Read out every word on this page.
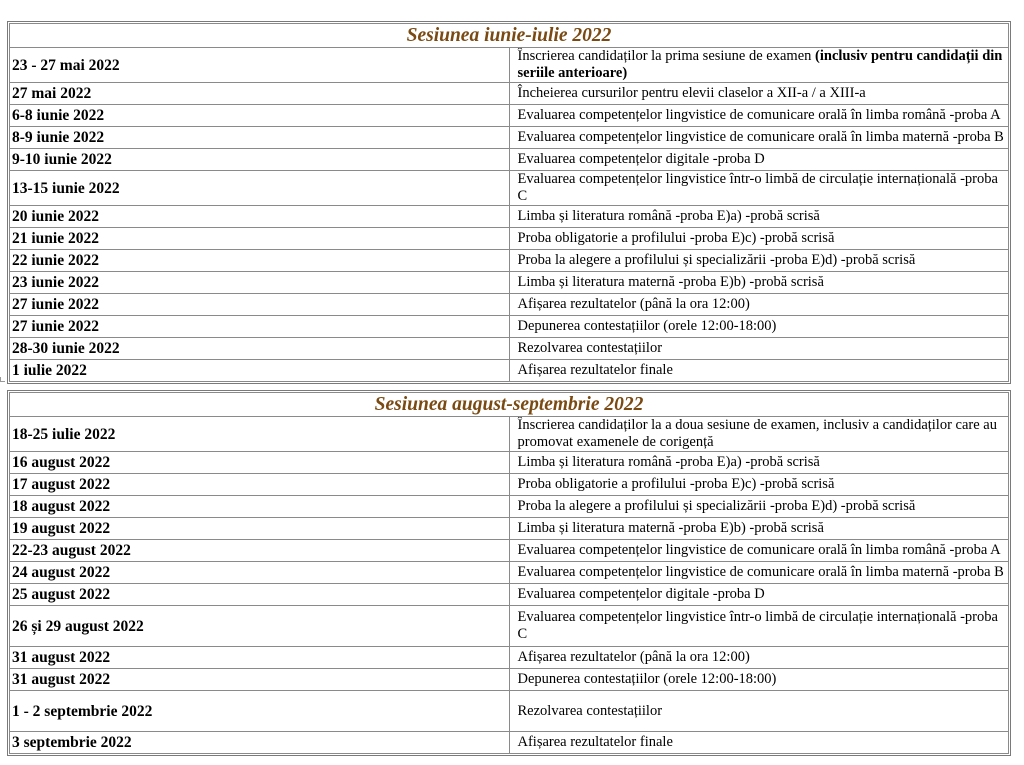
Sesiunea iunie-iulie 2022	
23 - 27 mai 2022	Înscrierea candidaților la prima sesiune de examen (inclusiv pentru candidații din seriile anterioare)
27 mai 2022	Încheierea cursurilor pentru elevii claselor a XII-a / a XIII-a
6-8 iunie 2022	Evaluarea competențelor lingvistice de comunicare orală în limba română -proba A
8-9 iunie 2022	Evaluarea competențelor lingvistice de comunicare orală în limba maternă -proba B
9-10 iunie 2022	Evaluarea competențelor digitale -proba D
13-15 iunie 2022	Evaluarea competențelor lingvistice într-o limbă de circulație internațională -proba C
20 iunie 2022	Limba și literatura română -proba E)a) -probă scrisă
21 iunie 2022	Proba obligatorie a profilului -proba E)c) -probă scrisă
22 iunie 2022	Proba la alegere a profilului și specializării -proba E)d) -probă scrisă
23 iunie 2022	Limba și literatura maternă -proba E)b) -probă scrisă
27 iunie 2022	Afișarea rezultatelor (până la ora 12:00)
27 iunie 2022	Depunerea contestațiilor (orele 12:00-18:00)
28-30 iunie 2022	Rezolvarea contestațiilor
1 iulie 2022	Afișarea rezultatelor finale
Sesiunea august-septembrie 2022	
18-25 iulie 2022	Înscrierea candidaților la a doua sesiune de examen, inclusiv a candidaților care au promovat examenele de corigență
16 august 2022	Limba și literatura română -proba E)a) -probă scrisă
17 august 2022	Proba obligatorie a profilului -proba E)c) -probă scrisă
18 august 2022	Proba la alegere a profilului și specializării -proba E)d) -probă scrisă
19 august 2022	Limba și literatura maternă -proba E)b) -probă scrisă
22-23 august 2022	Evaluarea competențelor lingvistice de comunicare orală în limba română -proba A
24 august 2022	Evaluarea competențelor lingvistice de comunicare orală în limba maternă -proba B
25 august 2022	Evaluarea competențelor digitale -proba D
26 și 29 august 2022	Evaluarea competențelor lingvistice într-o limbă de circulație internațională -proba C
31 august 2022	Afișarea rezultatelor (până la ora 12:00)
31 august 2022	Depunerea contestațiilor (orele 12:00-18:00)
1 - 2 septembrie 2022	Rezolvarea contestațiilor
3 septembrie 2022	Afișarea rezultatelor finale
